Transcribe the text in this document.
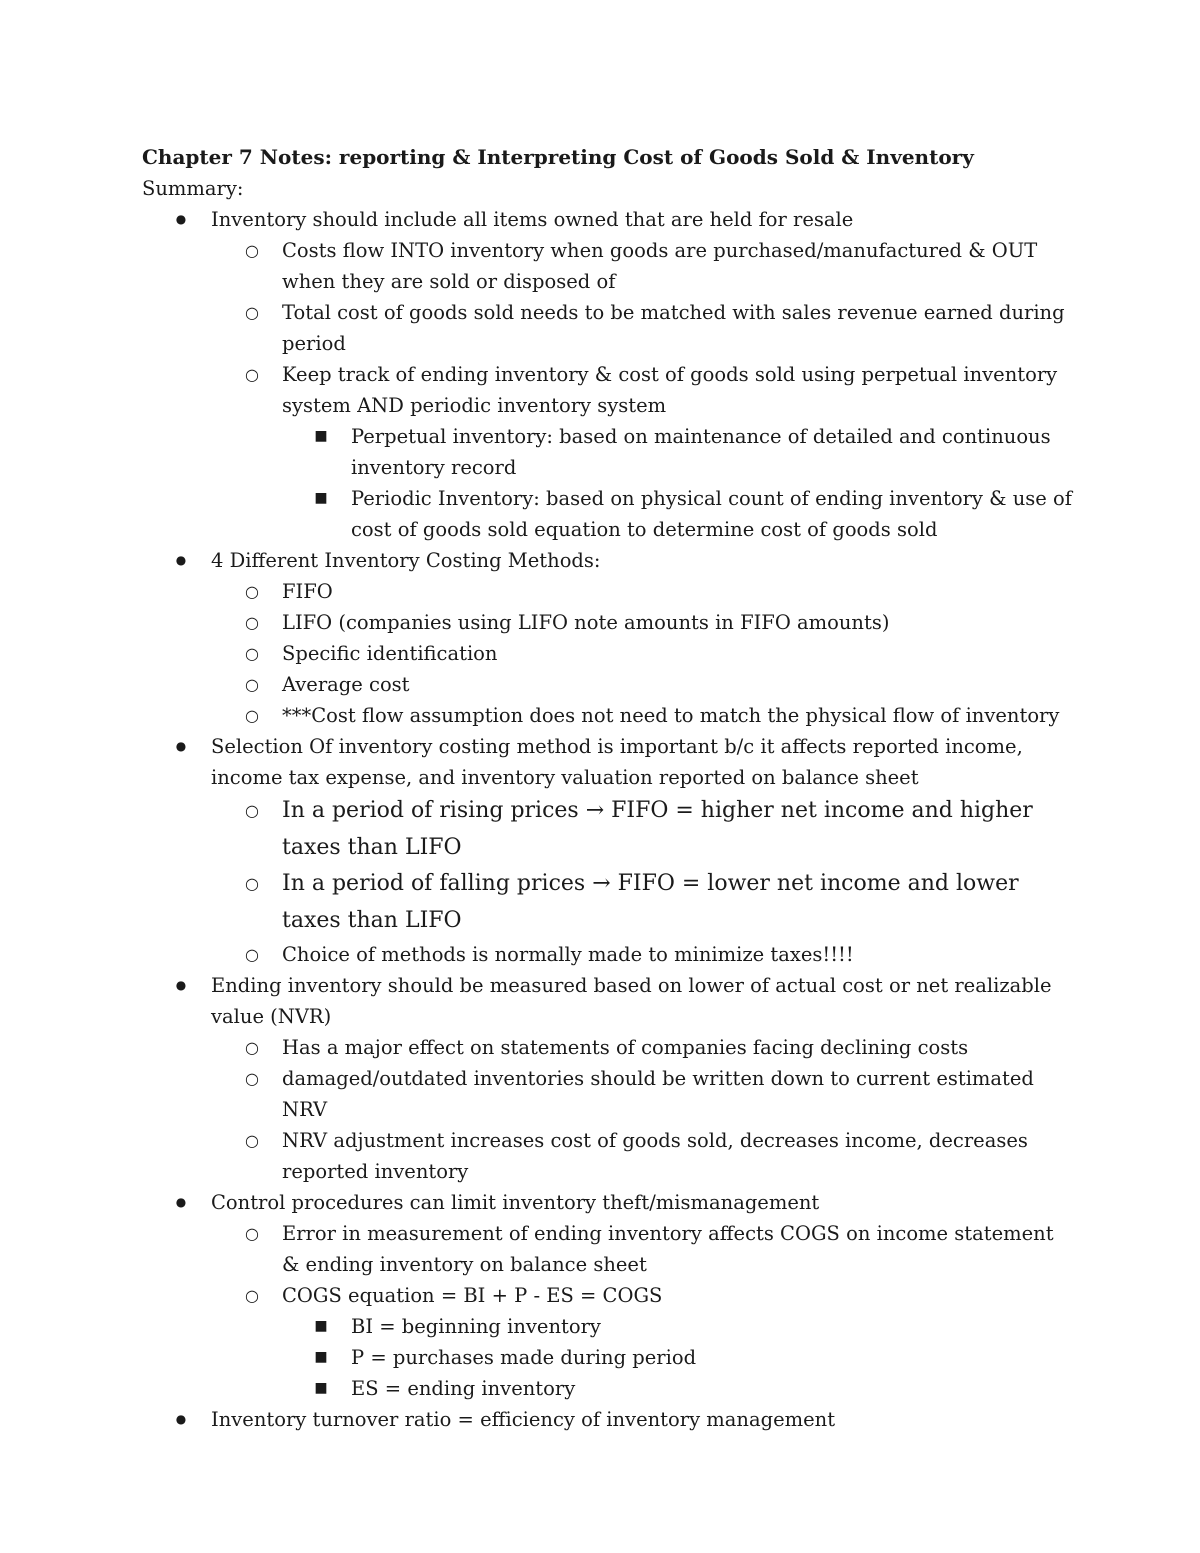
Chapter 7 Notes: reporting & Interpreting Cost of Goods Sold & Inventory

Summary:

●	Inventory should include all items owned that are held for resale
○	Costs flow INTO inventory when goods are purchased/manufactured & OUT when they are sold or disposed of
○	Total cost of goods sold needs to be matched with sales revenue earned during period
○	Keep track of ending inventory & cost of goods sold using perpetual inventory system AND periodic inventory system
■	Perpetual inventory: based on maintenance of detailed and continuous inventory record
■	Periodic Inventory: based on physical count of ending inventory & use of cost of goods sold equation to determine cost of goods sold
●	4 Different Inventory Costing Methods:
○	FIFO
○	LIFO (companies using LIFO note amounts in FIFO amounts)
○	Specific identification
○	Average cost
○	***Cost flow assumption does not need to match the physical flow of inventory
●	Selection Of inventory costing method is important b/c it affects reported income, income tax expense, and inventory valuation reported on balance sheet
○	In a period of rising prices → FIFO = higher net income and higher taxes than LIFO
○	In a period of falling prices → FIFO = lower net income and lower taxes than LIFO
○	Choice of methods is normally made to minimize taxes!!!!
●	Ending inventory should be measured based on lower of actual cost or net realizable value (NVR)
○	Has a major effect on statements of companies facing declining costs
○	damaged/outdated inventories should be written down to current estimated NRV
○	NRV adjustment increases cost of goods sold, decreases income, decreases reported inventory
●	Control procedures can limit inventory theft/mismanagement
○	Error in measurement of ending inventory affects COGS on income statement & ending inventory on balance sheet
○	COGS equation = BI + P - ES = COGS
■	BI = beginning inventory
■	P = purchases made during period
■	ES = ending inventory
●	Inventory turnover ratio = efficiency of inventory management
